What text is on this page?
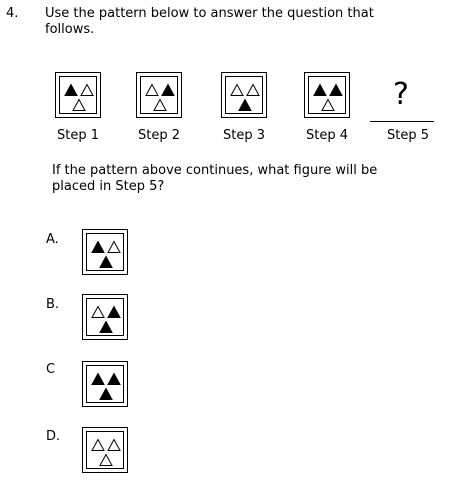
4. Use the pattern below to answer the question that
follows.
?
Step 1	Step 2	Step 3	Step 4	Step 5
If the pattern above continues, what figure will be
placed in Step 5?
A.
B.
C
D.
